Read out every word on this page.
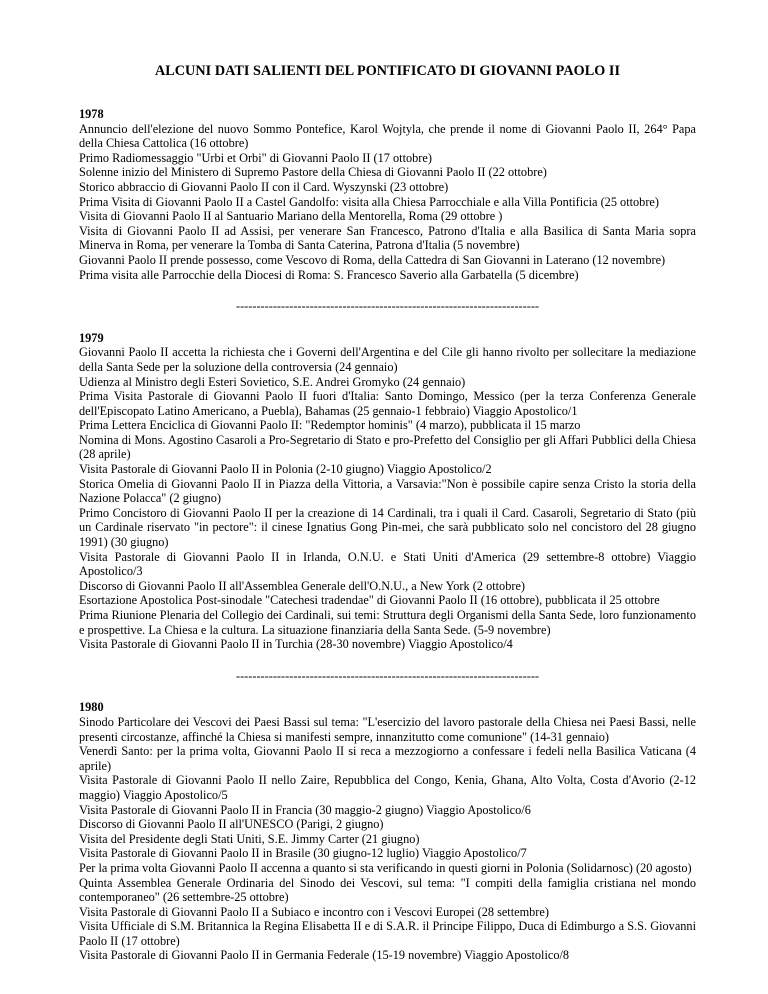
ALCUNI DATI SALIENTI DEL PONTIFICATO DI GIOVANNI PAOLO II

1978

Annuncio dell'elezione del nuovo Sommo Pontefice, Karol Wojtyla, che prende il nome di Giovanni Paolo II, 264° Papa della Chiesa Cattolica (16 ottobre)

Primo Radiomessaggio "Urbi et Orbi" di Giovanni Paolo II (17 ottobre)

Solenne inizio del Ministero di Supremo Pastore della Chiesa di Giovanni Paolo II (22 ottobre)

Storico abbraccio di Giovanni Paolo II con il Card. Wyszynski (23 ottobre)

Prima Visita di Giovanni Paolo II a Castel Gandolfo: visita alla Chiesa Parrocchiale e alla Villa Pontificia (25 ottobre)

Visita di Giovanni Paolo II al Santuario Mariano della Mentorella, Roma (29 ottobre )

Visita di Giovanni Paolo II ad Assisi, per venerare San Francesco, Patrono d'Italia e alla Basilica di Santa Maria sopra Minerva in Roma, per venerare la Tomba di Santa Caterina, Patrona d'Italia (5 novembre)

Giovanni Paolo II prende possesso, come Vescovo di Roma, della Cattedra di San Giovanni in Laterano (12 novembre)

Prima visita alle Parrocchie della Diocesi di Roma: S. Francesco Saverio alla Garbatella (5 dicembre)

--------------------------------------------------------------------------

1979

Giovanni Paolo II accetta la richiesta che i Governi dell'Argentina e del Cile gli hanno rivolto per sollecitare la mediazione della Santa Sede per la soluzione della controversia (24 gennaio)

Udienza al Ministro degli Esteri Sovietico, S.E. Andrei Gromyko (24 gennaio)

Prima Visita Pastorale di Giovanni Paolo II fuori d'Italia: Santo Domingo, Messico (per la terza Conferenza Generale dell'Episcopato Latino Americano, a Puebla), Bahamas (25 gennaio-1 febbraio) Viaggio Apostolico/1

Prima Lettera Enciclica di Giovanni Paolo II: "Redemptor hominis" (4 marzo), pubblicata il 15 marzo

Nomina di Mons. Agostino Casaroli a Pro-Segretario di Stato e pro-Prefetto del Consiglio per gli Affari Pubblici della Chiesa (28 aprile)

Visita Pastorale di Giovanni Paolo II in Polonia (2-10 giugno) Viaggio Apostolico/2

Storica Omelia di Giovanni Paolo II in Piazza della Vittoria, a Varsavia:"Non è possibile capire senza Cristo la storia della Nazione Polacca" (2 giugno)

Primo Concistoro di Giovanni Paolo II per la creazione di 14 Cardinali, tra i quali il Card. Casaroli, Segretario di Stato (più un Cardinale riservato "in pectore": il cinese Ignatius Gong Pin-mei, che sarà pubblicato solo nel concistoro del 28 giugno 1991) (30 giugno)

Visita Pastorale di Giovanni Paolo II in Irlanda, O.N.U. e Stati Uniti d'America (29 settembre-8 ottobre) Viaggio Apostolico/3

Discorso di Giovanni Paolo II all'Assemblea Generale dell'O.N.U., a New York (2 ottobre)

Esortazione Apostolica Post-sinodale "Catechesi tradendae" di Giovanni Paolo II (16 ottobre), pubblicata il 25 ottobre

Prima Riunione Plenaria del Collegio dei Cardinali, sui temi: Struttura degli Organismi della Santa Sede, loro funzionamento e prospettive. La Chiesa e la cultura. La situazione finanziaria della Santa Sede. (5-9 novembre)

Visita Pastorale di Giovanni Paolo II in Turchia (28-30 novembre) Viaggio Apostolico/4

--------------------------------------------------------------------------

1980

Sinodo Particolare dei Vescovi dei Paesi Bassi sul tema: "L'esercizio del lavoro pastorale della Chiesa nei Paesi Bassi, nelle presenti circostanze, affinché la Chiesa si manifesti sempre, innanzitutto come comunione" (14-31 gennaio)

Venerdì Santo: per la prima volta, Giovanni Paolo II si reca a mezzogiorno a confessare i fedeli nella Basilica Vaticana (4 aprile)

Visita Pastorale di Giovanni Paolo II nello Zaire, Repubblica del Congo, Kenia, Ghana, Alto Volta, Costa d'Avorio (2-12 maggio) Viaggio Apostolico/5

Visita Pastorale di Giovanni Paolo II in Francia (30 maggio-2 giugno) Viaggio Apostolico/6

Discorso di Giovanni Paolo II all'UNESCO (Parigi, 2 giugno)

Visita del Presidente degli Stati Uniti, S.E. Jimmy Carter (21 giugno)

Visita Pastorale di Giovanni Paolo II in Brasile (30 giugno-12 luglio) Viaggio Apostolico/7

Per la prima volta Giovanni Paolo II accenna a quanto si sta verificando in questi giorni in Polonia (Solidarnosc) (20 agosto)

Quinta Assemblea Generale Ordinaria del Sinodo dei Vescovi, sul tema: "I compiti della famiglia cristiana nel mondo contemporaneo" (26 settembre-25 ottobre)

Visita Pastorale di Giovanni Paolo II a Subiaco e incontro con i Vescovi Europei (28 settembre)

Visita Ufficiale di S.M. Britannica la Regina Elisabetta II e di S.A.R. il Principe Filippo, Duca di Edimburgo a S.S. Giovanni Paolo II (17 ottobre)

Visita Pastorale di Giovanni Paolo II in Germania Federale (15-19 novembre) Viaggio Apostolico/8
